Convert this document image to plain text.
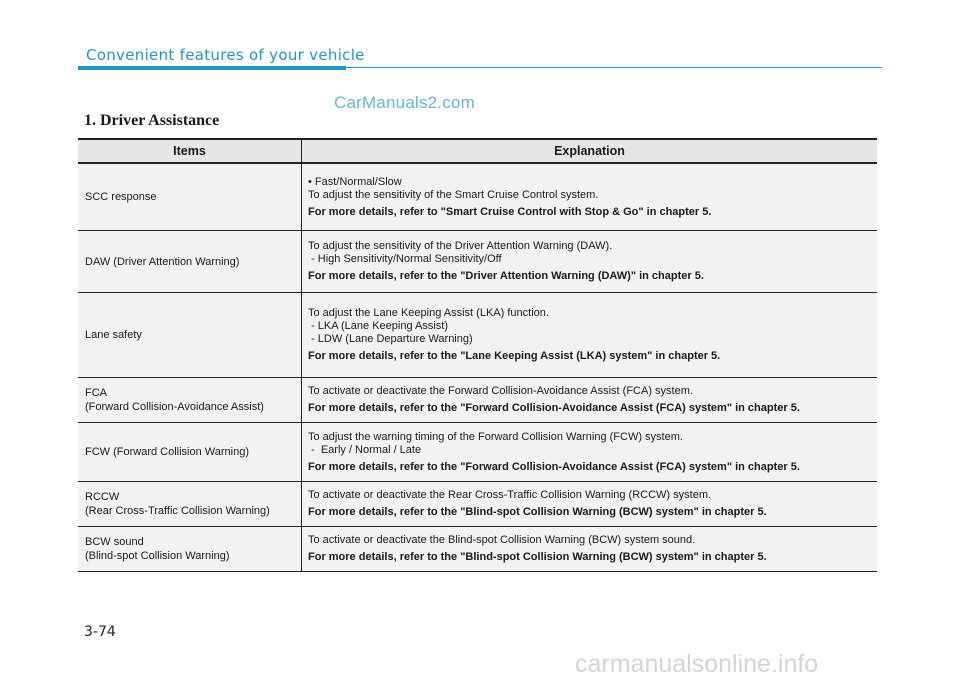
Convenient features of your vehicle
CarManuals2.com
1. Driver Assistance
Items	Explanation
SCC response
• Fast/Normal/Slow
To adjust the sensitivity of the Smart Cruise Control system.
For more details, refer to "Smart Cruise Control with Stop & Go" in chapter 5.
DAW (Driver Attention Warning)
To adjust the sensitivity of the Driver Attention Warning (DAW).
- High Sensitivity/Normal Sensitivity/Off
For more details, refer to the "Driver Attention Warning (DAW)" in chapter 5.
Lane safety
To adjust the Lane Keeping Assist (LKA) function.
- LKA (Lane Keeping Assist)
- LDW (Lane Departure Warning)
For more details, refer to the "Lane Keeping Assist (LKA) system" in chapter 5.
FCA
(Forward Collision-Avoidance Assist)
To activate or deactivate the Forward Collision-Avoidance Assist (FCA) system.
For more details, refer to the "Forward Collision-Avoidance Assist (FCA) system" in chapter 5.
FCW (Forward Collision Warning)
To adjust the warning timing of the Forward Collision Warning (FCW) system.
-  Early / Normal / Late
For more details, refer to the "Forward Collision-Avoidance Assist (FCA) system" in chapter 5.
RCCW
(Rear Cross-Traffic Collision Warning)
To activate or deactivate the Rear Cross-Traffic Collision Warning (RCCW) system.
For more details, refer to the "Blind-spot Collision Warning (BCW) system" in chapter 5.
BCW sound
(Blind-spot Collision Warning)
To activate or deactivate the Blind-spot Collision Warning (BCW) system sound.
For more details, refer to the "Blind-spot Collision Warning (BCW) system" in chapter 5.
3-74
carmanualsonline.info
